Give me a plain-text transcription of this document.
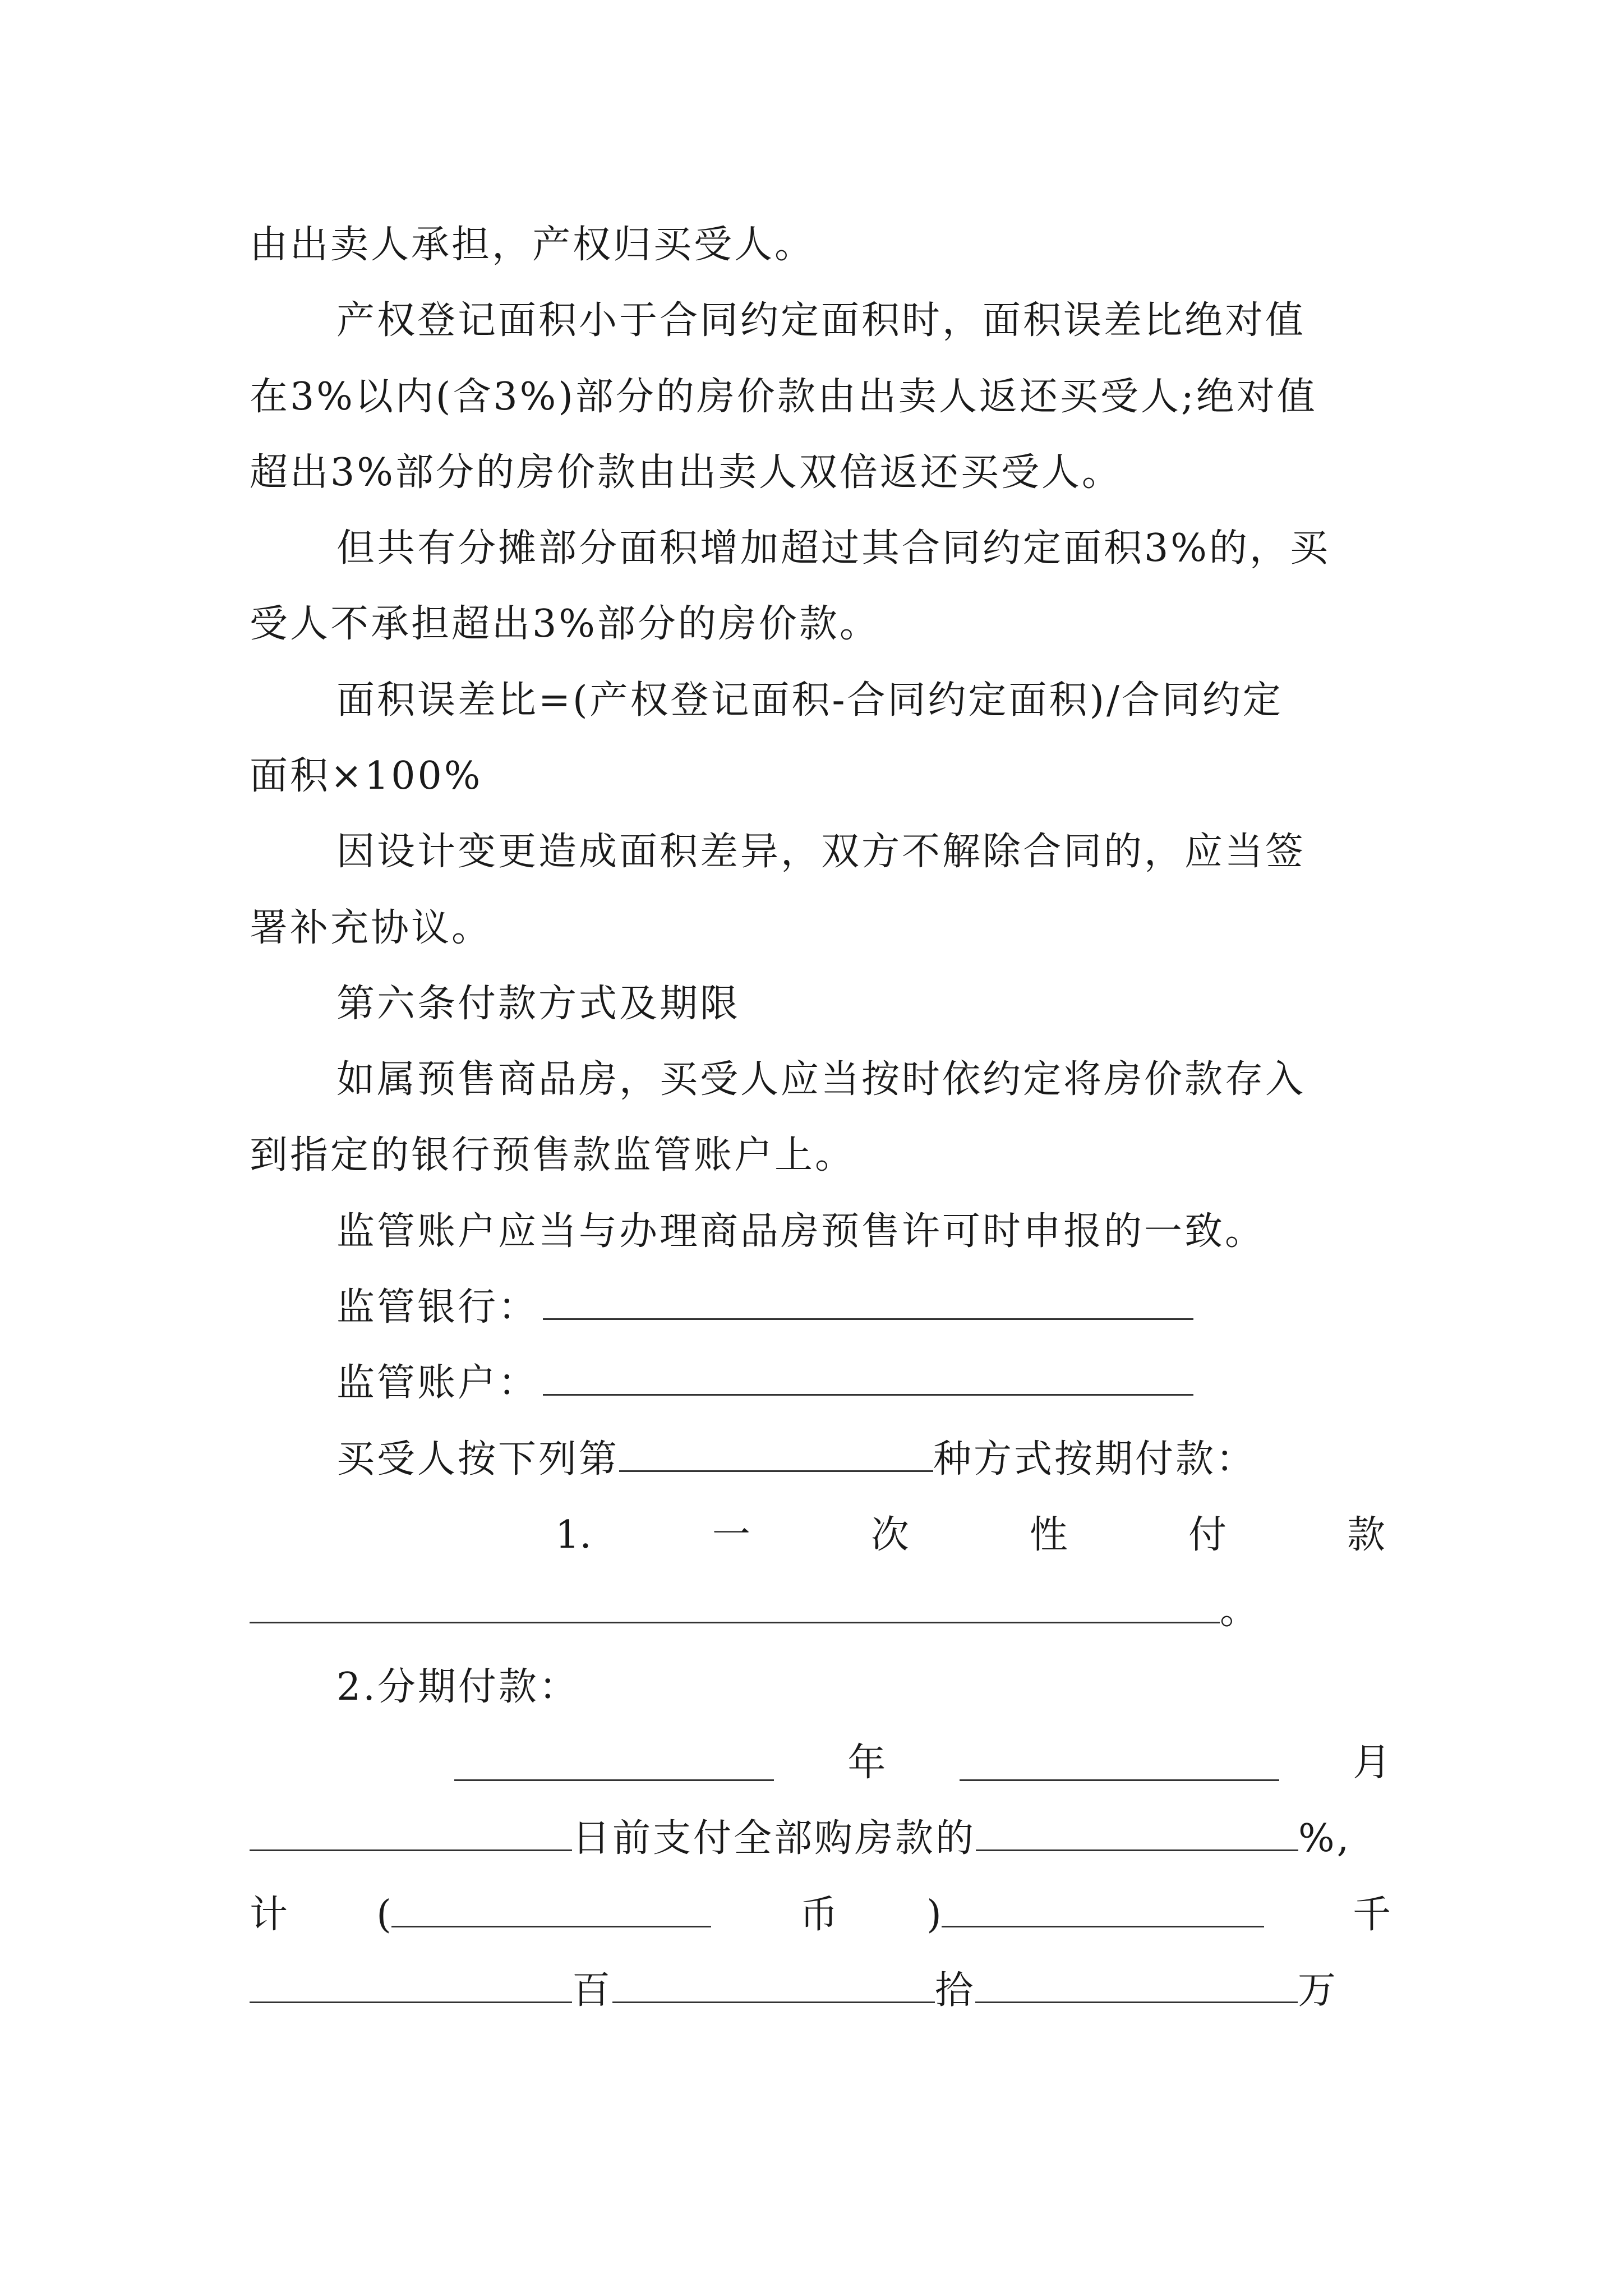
由出卖人承担，产权归买受人。
产权登记面积小于合同约定面积时，面积误差比绝对值
在3%以内(含3%)部分的房价款由出卖人返还买受人;绝对值
超出3%部分的房价款由出卖人双倍返还买受人。
但共有分摊部分面积增加超过其合同约定面积3%的，买
受人不承担超出3%部分的房价款。
面积误差比=(产权登记面积-合同约定面积)/合同约定
面积×100%
因设计变更造成面积差异，双方不解除合同的，应当签
署补充协议。
第六条付款方式及期限
如属预售商品房，买受人应当按时依约定将房价款存入
到指定的银行预售款监管账户上。
监管账户应当与办理商品房预售许可时申报的一致。
监管银行：
监管账户：
买受人按下列第	种方式按期付款：
1.	一	次	性	付	款
。
2.分期付款：
年	月
日前支付全部购房款的	%,
计 (	币 )	千
百	拾	万
